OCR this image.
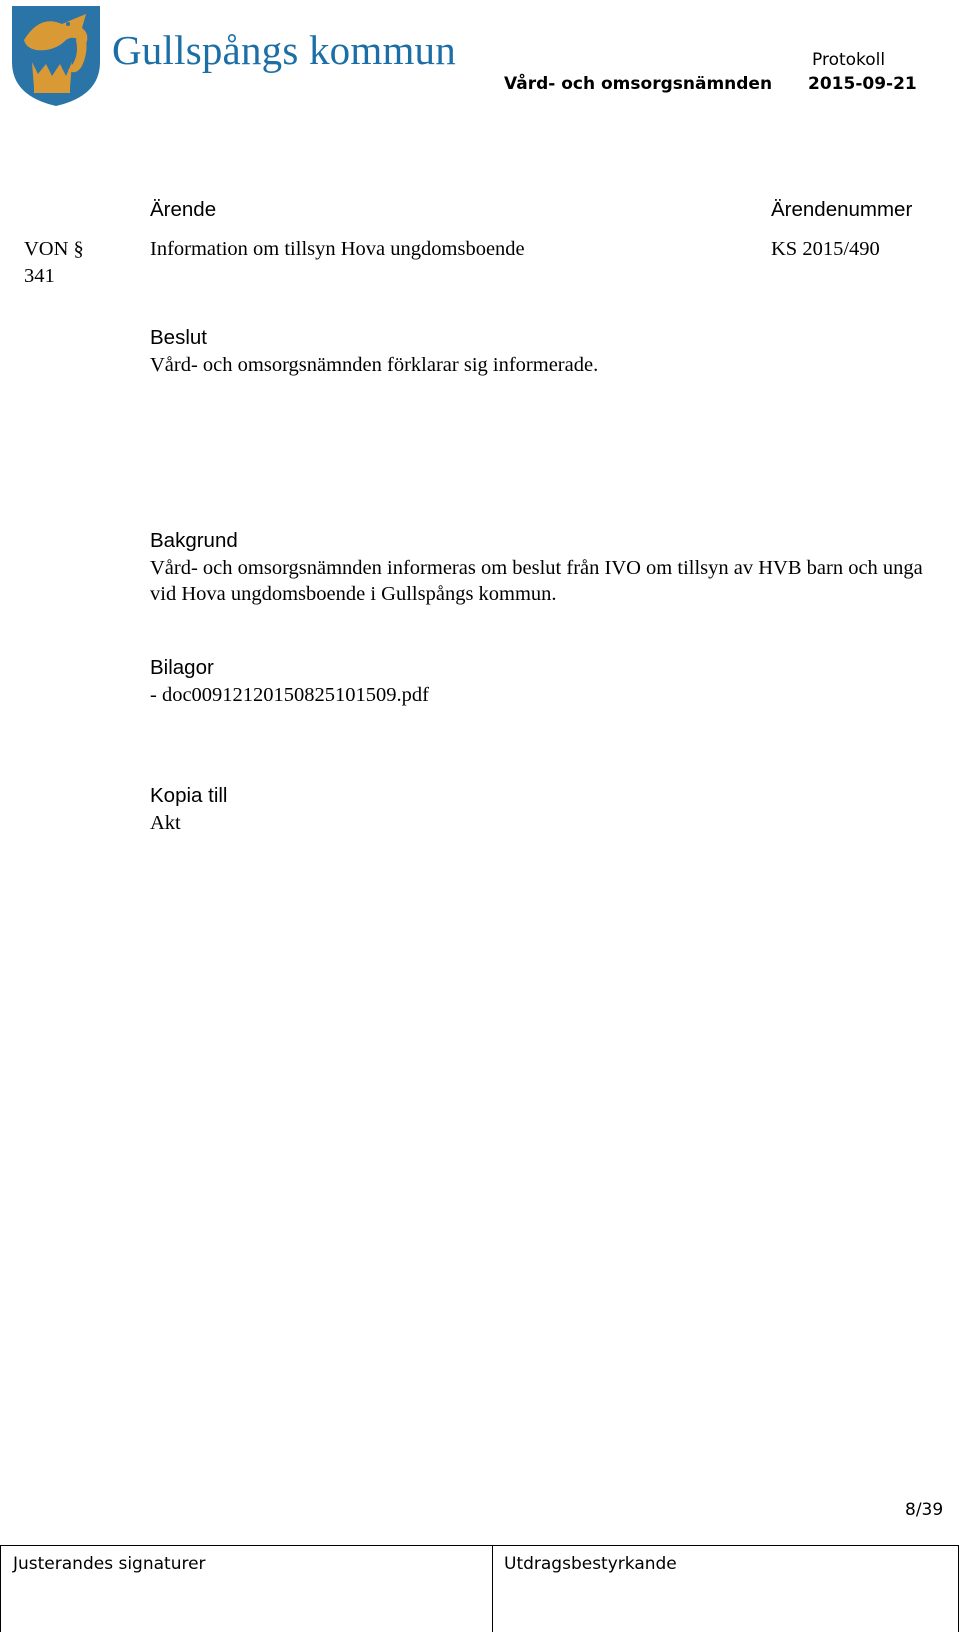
Gullspångs kommun	Protokoll
Vård- och omsorgsnämnden 2015-09-21
Ärende	Ärendenummer
VON § 341
Information om tillsyn Hova ungdomsboende	KS 2015/490
Beslut
Vård- och omsorgsnämnden förklarar sig informerade.
Bakgrund
Vård- och omsorgsnämnden informeras om beslut från IVO om tillsyn av HVB barn och unga vid Hova ungdomsboende i Gullspångs kommun.
Bilagor
- doc00912120150825101509.pdf
Kopia till
Akt
8/39
Justerandes signaturer	Utdragsbestyrkande
